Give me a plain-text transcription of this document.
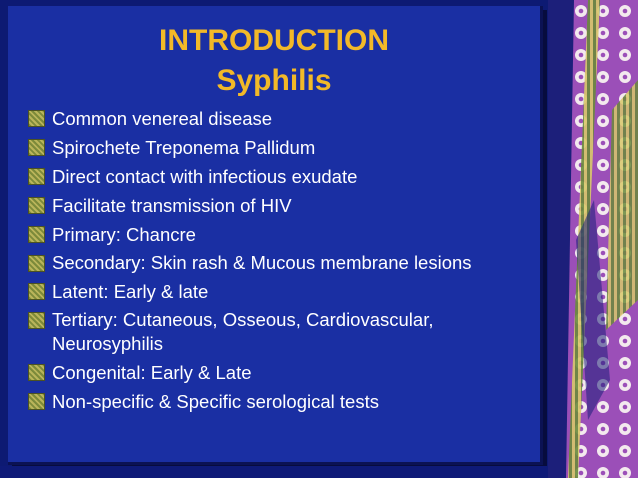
INTRODUCTION
Syphilis
Common venereal disease
Spirochete Treponema Pallidum
Direct contact with infectious exudate
Facilitate transmission of HIV
Primary: Chancre
Secondary: Skin rash & Mucous membrane lesions
Latent: Early & late
Tertiary: Cutaneous, Osseous, Cardiovascular, Neurosyphilis
Congenital: Early & Late
Non-specific & Specific serological tests
